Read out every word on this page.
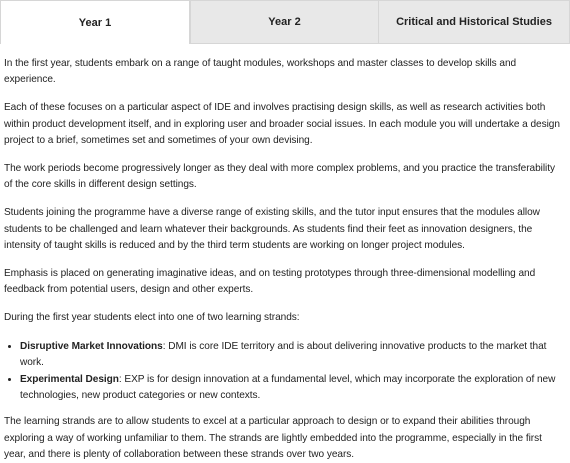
Year 1	Year 2	Critical and Historical Studies

In the first year, students embark on a range of taught modules, workshops and master classes to develop skills and experience.

Each of these focuses on a particular aspect of IDE and involves practising design skills, as well as research activities both within product development itself, and in exploring user and broader social issues. In each module you will undertake a design project to a brief, sometimes set and sometimes of your own devising.

The work periods become progressively longer as they deal with more complex problems, and you practice the transferability of the core skills in different design settings.

Students joining the programme have a diverse range of existing skills, and the tutor input ensures that the modules allow students to be challenged and learn whatever their backgrounds. As students find their feet as innovation designers, the intensity of taught skills is reduced and by the third term students are working on longer project modules.

Emphasis is placed on generating imaginative ideas, and on testing prototypes through three-dimensional modelling and feedback from potential users, design and other experts.

During the first year students elect into one of two learning strands:

• Disruptive Market Innovations: DMI is core IDE territory and is about delivering innovative products to the market that work.
• Experimental Design: EXP is for design innovation at a fundamental level, which may incorporate the exploration of new technologies, new product categories or new contexts.

The learning strands are to allow students to excel at a particular approach to design or to expand their abilities through exploring a way of working unfamiliar to them. The strands are lightly embedded into the programme, especially in the first year, and there is plenty of collaboration between these strands over two years.
